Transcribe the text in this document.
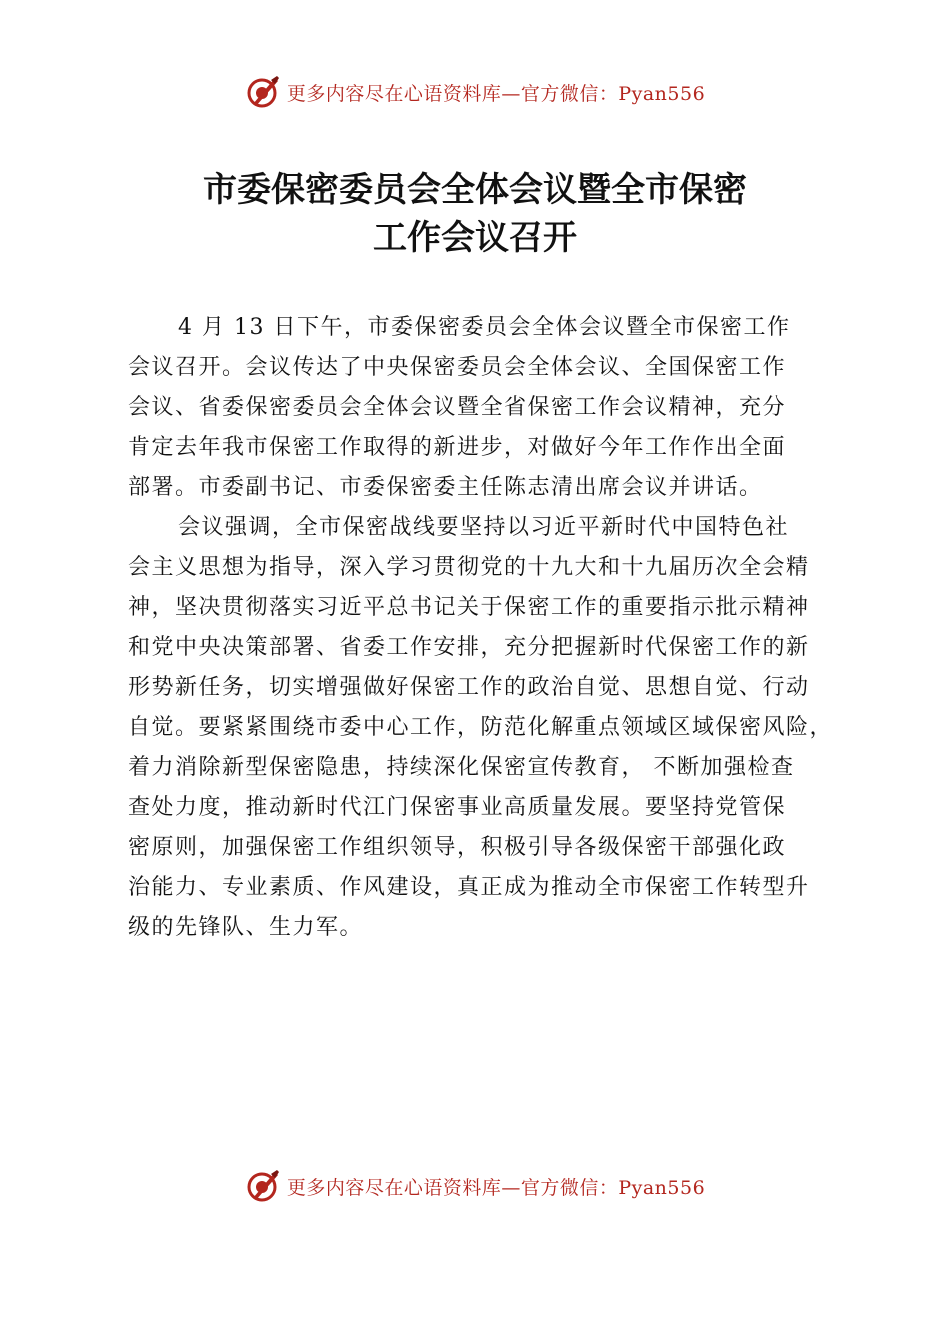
更多内容尽在心语资料库—官方微信：Pyan556
市委保密委员会全体会议暨全市保密
工作会议召开
4 月 13 日下午，市委保密委员会全体会议暨全市保密工作
会议召开。会议传达了中央保密委员会全体会议、全国保密工作
会议、省委保密委员会全体会议暨全省保密工作会议精神，充分
肯定去年我市保密工作取得的新进步，对做好今年工作作出全面
部署。市委副书记、市委保密委主任陈志清出席会议并讲话。
会议强调，全市保密战线要坚持以习近平新时代中国特色社
会主义思想为指导，深入学习贯彻党的十九大和十九届历次全会精
神，坚决贯彻落实习近平总书记关于保密工作的重要指示批示精神
和党中央决策部署、省委工作安排，充分把握新时代保密工作的新
形势新任务，切实增强做好保密工作的政治自觉、思想自觉、行动
自觉。要紧紧围绕市委中心工作，防范化解重点领域区域保密风险，
着力消除新型保密隐患，持续深化保密宣传教育， 不断加强检查
查处力度，推动新时代江门保密事业高质量发展。要坚持党管保
密原则，加强保密工作组织领导，积极引导各级保密干部强化政
治能力、专业素质、作风建设，真正成为推动全市保密工作转型升
级的先锋队、生力军。
更多内容尽在心语资料库—官方微信：Pyan556
